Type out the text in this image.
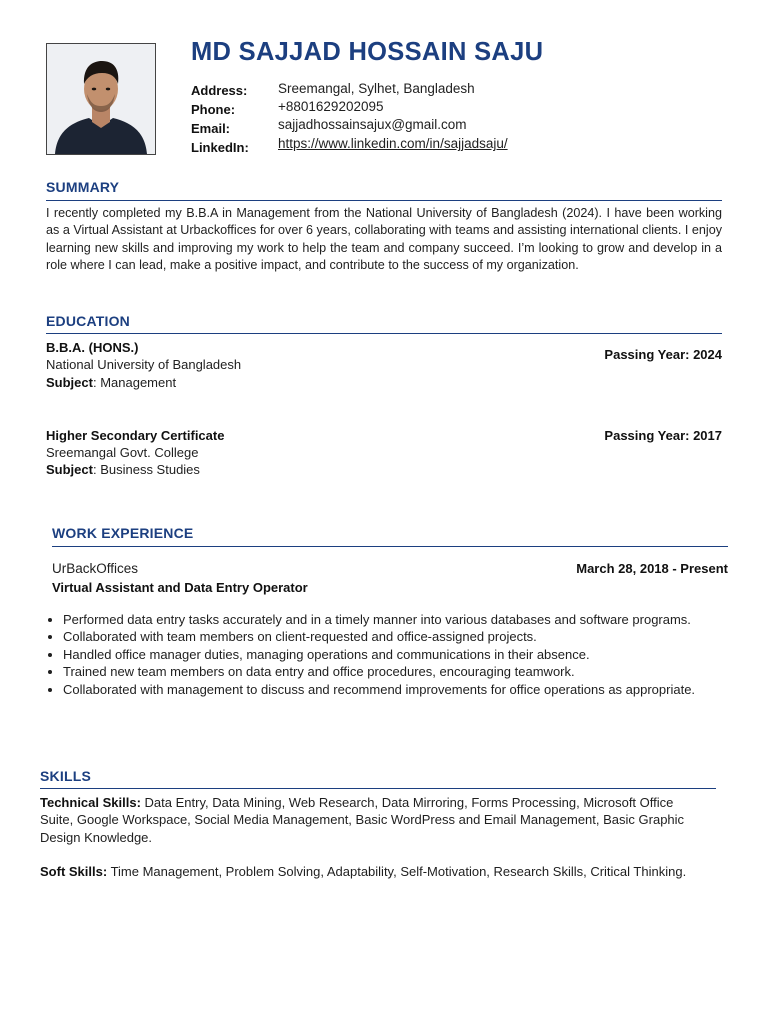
MD SAJJAD HOSSAIN SAJU
Address: Sreemangal, Sylhet, Bangladesh
Phone:	+8801629202095
Email:	sajjadhossainsajux@gmail.com
LinkedIn: https://www.linkedin.com/in/sajjadsaju/
SUMMARY
I recently completed my B.B.A in Management from the National University of Bangladesh (2024). I have been working as a Virtual Assistant at Urbackoffices for over 6 years, collaborating with teams and assisting international clients. I enjoy learning new skills and improving my work to help the team and company succeed. I’m looking to grow and develop in a role where I can lead, make a positive impact, and contribute to the success of my organization.
EDUCATION
B.B.A. (HONS.)
National University of Bangladesh
Subject: Management
Passing Year: 2024
Higher Secondary Certificate
Sreemangal Govt. College
Subject: Business Studies
Passing Year: 2017
WORK EXPERIENCE
UrBackOffices	March 28, 2018 - Present
Virtual Assistant and Data Entry Operator
• Performed data entry tasks accurately and in a timely manner into various databases and software programs.
• Collaborated with team members on client-requested and office-assigned projects.
• Handled office manager duties, managing operations and communications in their absence.
• Trained new team members on data entry and office procedures, encouraging teamwork.
• Collaborated with management to discuss and recommend improvements for office operations as appropriate.
SKILLS
Technical Skills: Data Entry, Data Mining, Web Research, Data Mirroring, Forms Processing, Microsoft Office Suite, Google Workspace, Social Media Management, Basic WordPress and Email Management, Basic Graphic Design Knowledge.
Soft Skills: Time Management, Problem Solving, Adaptability, Self-Motivation, Research Skills, Critical Thinking.
